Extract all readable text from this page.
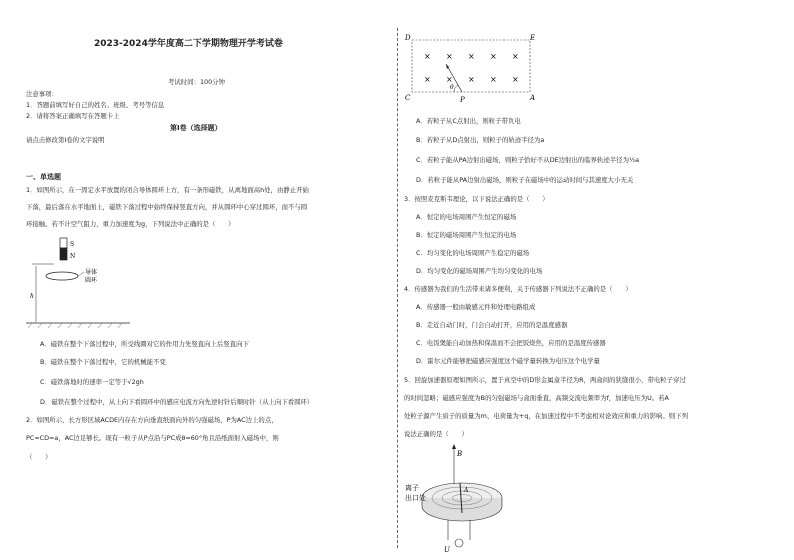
2023-2024学年度高二下学期物理开学考试卷
考试时间：100分钟
注意事项：
1．答题前填写好自己的姓名、班级、考号等信息
2．请将答案正确填写在答题卡上
第I卷（选择题）
请点击修改第I卷的文字说明
一、单选题
1．如图所示，在一固定水平放置的闭合导体圆环上方，有一条形磁铁，从离地面高h处，由静止开始
下落，最后落在水平地面上，磁铁下落过程中始终保持竖直方向，并从圆环中心穿过圆环，而不与圆
环接触。若不计空气阻力，重力加速度为g，下列说法中正确的是（　　）
S
N
导体
圆环
h
A．磁铁在整个下落过程中，所受线圈对它的作用力先竖直向上后竖直向下
B．磁铁在整个下落过程中，它的机械能不变
C．磁铁落地时的速率一定等于√2gh
D．磁铁在整个过程中，从上向下看圆环中的感应电流方向先逆时针后顺时针（从上向下看圆环）
2．如图所示，长方形区域ACDE内存在方向垂直纸面向外的匀强磁场，P为AC边上的点，
PC=CD=a，AC边足够长。现有一粒子从P点沿与PC成θ=60°角且沿纸面射入磁场中，则
（　　）
D	E
× × × × ×
× × × × ×
θ
C	P	A
A．若粒子从C点射出，则粒子带负电
B．若粒子从D点射出，则粒子的轨迹半径为a
C．若粒子能从PA边射出磁场，则粒子恰好不从DE边射出的临界轨迹半径为½a
D．若粒子能从PA边射出磁场，则粒子在磁场中的运动时间与其速度大小无关
3．按照麦克斯韦理论，以下说法正确的是（　　）
A．恒定的电场周围产生恒定的磁场
B．恒定的磁场周围产生恒定的电场
C．均匀变化的电场周围产生稳定的磁场
D．均匀变化的磁场周围产生均匀变化的电场
4．传感器为我们的生活带来诸多便利，关于传感器下列说法不正确的是（　　）
A．传感器一般由敏感元件和处理电路组成
B．走近自动门时，门会自动打开，应用的是温度感器
C．电饭煲能自动加热和保温而不会把饭烧焦，应用的是温度传感器
D．霍尔元件能够把磁感应强度这个磁学量转换为电压这个电学量
5．回旋加速器原理如图所示，置于真空中的D形金属盒半径为R，两盒间的狭缝很小，带电粒子穿过
的时间忽略；磁感应强度为B的匀强磁场与盒面垂直，高频交流电频率为f，加速电压为U。若A
处粒子源产生质子的质量为m、电荷量为+q，在加速过程中不考虑相对论效应和重力的影响。则下列
说法正确的是（　　）
B
A
U
离子
出口处
